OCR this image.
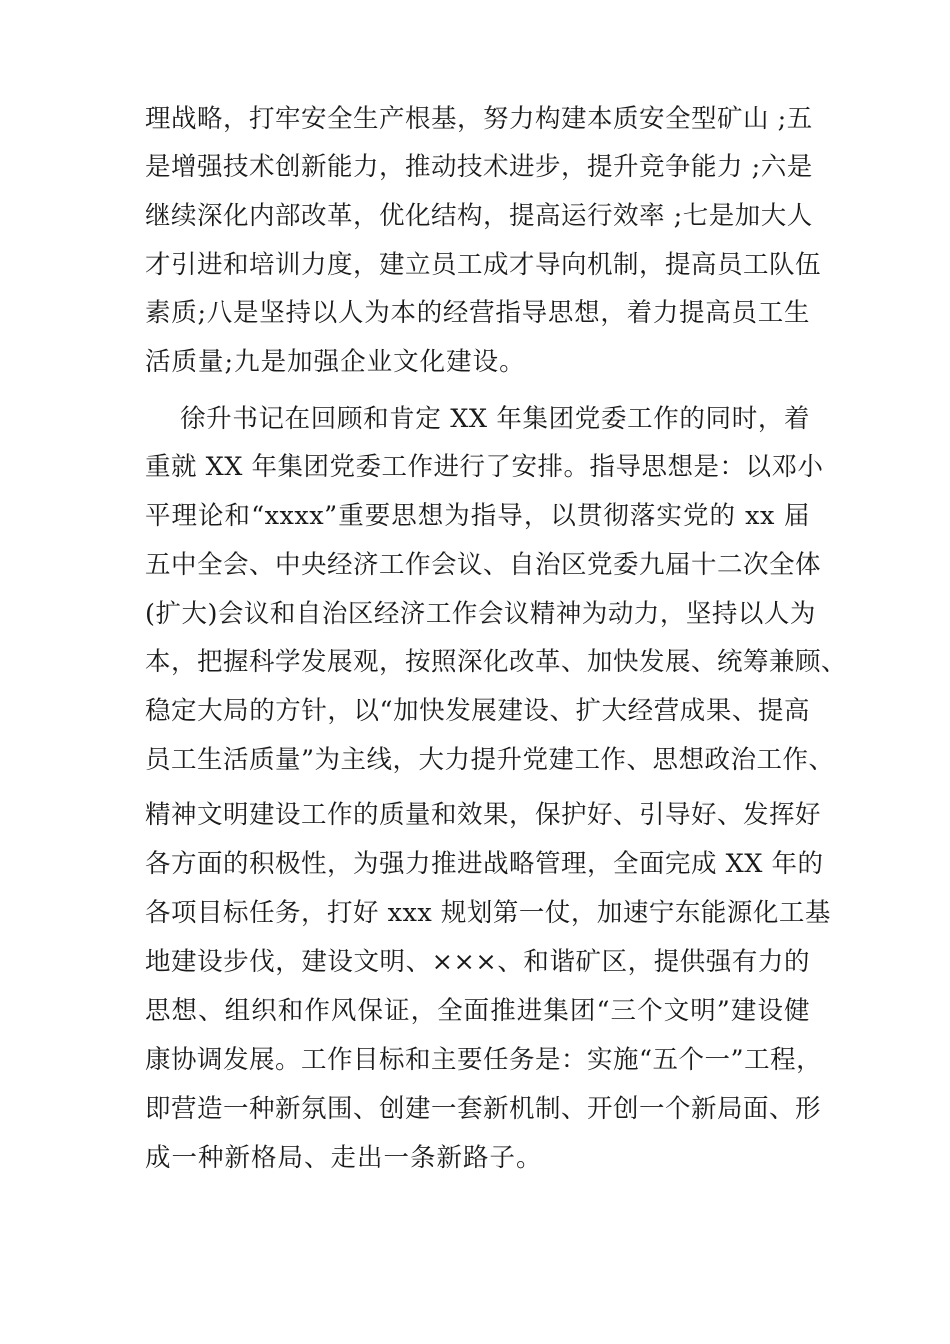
理战略，打牢安全生产根基，努力构建本质安全型矿山 ;五
是增强技术创新能力，推动技术进步，提升竞争能力 ;六是
继续深化内部改革，优化结构，提高运行效率 ;七是加大人
才引进和培训力度，建立员工成才导向机制，提高员工队伍
素质;八是坚持以人为本的经营指导思想，着力提高员工生
活质量;九是加强企业文化建设。
徐升书记在回顾和肯定 XX 年集团党委工作的同时，着
重就 XX 年集团党委工作进行了安排。指导思想是：以邓小
平理论和“xxxx”重要思想为指导，以贯彻落实党的 xx 届
五中全会、中央经济工作会议、自治区党委九届十二次全体
(扩大)会议和自治区经济工作会议精神为动力，坚持以人为
本，把握科学发展观，按照深化改革、加快发展、统筹兼顾、
稳定大局的方针，以“加快发展建设、扩大经营成果、提高
员工生活质量”为主线，大力提升党建工作、思想政治工作、
精神文明建设工作的质量和效果，保护好、引导好、发挥好
各方面的积极性，为强力推进战略管理，全面完成 XX 年的
各项目标任务，打好 xxx 规划第一仗，加速宁东能源化工基
地建设步伐，建设文明、×××、和谐矿区，提供强有力的
思想、组织和作风保证，全面推进集团“三个文明”建设健
康协调发展。工作目标和主要任务是：实施“五个一”工程，
即营造一种新氛围、创建一套新机制、开创一个新局面、形
成一种新格局、走出一条新路子。
